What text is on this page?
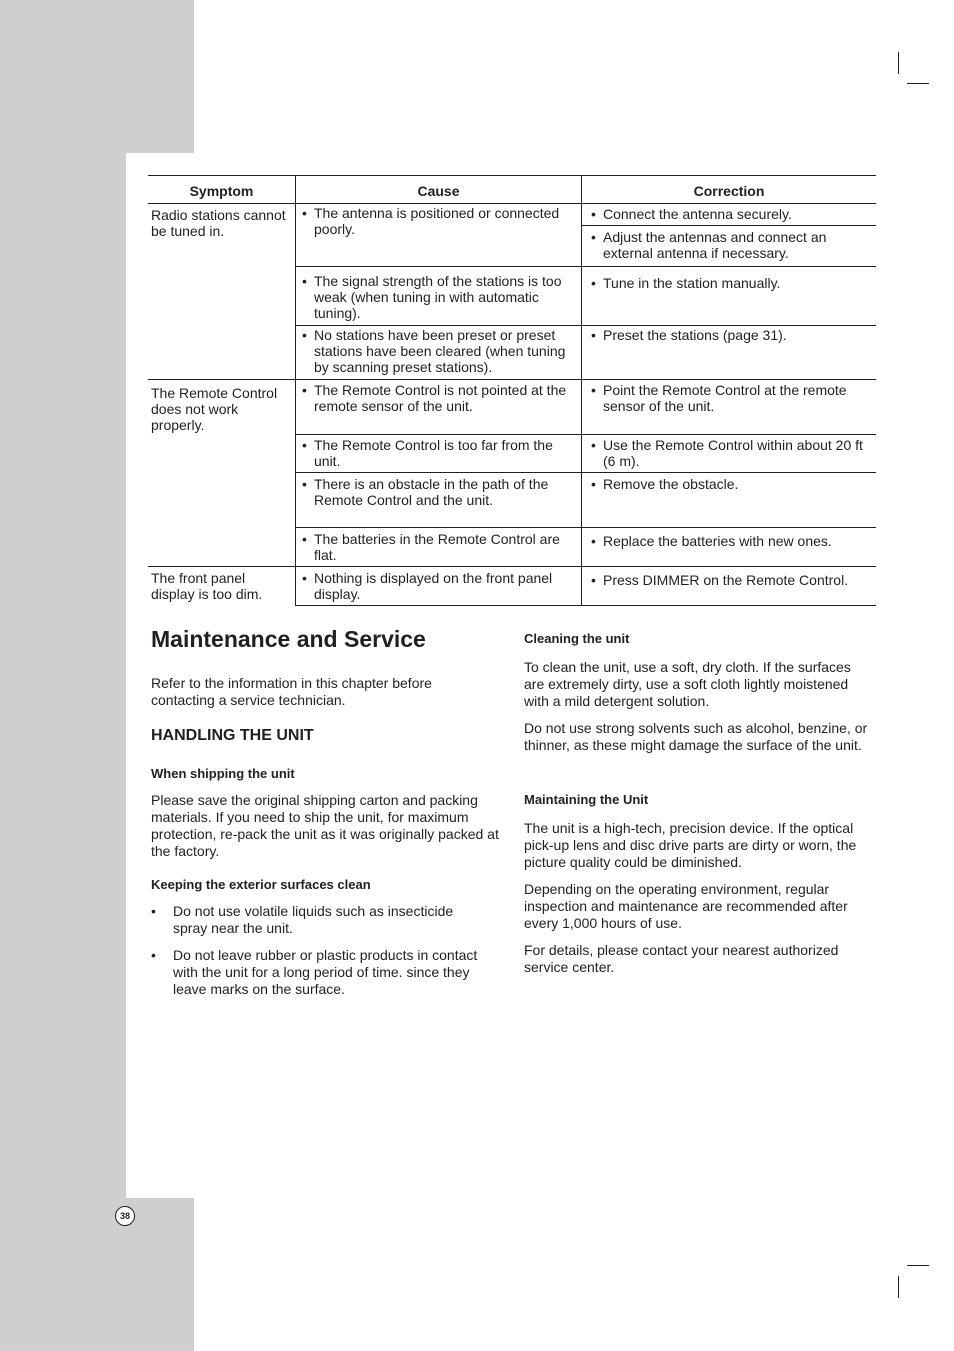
38
Symptom	Cause	Correction
Radio stations cannot be tuned in.
The Remote Control does not work properly.
The front panel display is too dim.
• The antenna is positioned or connected poorly.
• The signal strength of the stations is too weak (when tuning in with automatic tuning).
• No stations have been preset or preset stations have been cleared (when tuning by scanning preset stations).
• The Remote Control is not pointed at the remote sensor of the unit.
• The Remote Control is too far from the unit.
• There is an obstacle in the path of the Remote Control and the unit.
• The batteries in the Remote Control are flat.
• Nothing is displayed on the front panel display.
• Connect the antenna securely.
• Adjust the antennas and connect an external antenna if necessary.
• Tune in the station manually.
• Preset the stations (page 31).
• Point the Remote Control at the remote sensor of the unit.
• Use the Remote Control within about 20 ft (6 m).
• Remove the obstacle.
• Replace the batteries with new ones.
• Press DIMMER on the Remote Control.
Maintenance and Service

Refer to the information in this chapter before contacting a service technician.

HANDLING THE UNIT
When shipping the unit

Please save the original shipping carton and packing materials. If you need to ship the unit, for maximum protection, re-pack the unit as it was originally packed at the factory.

Keeping the exterior surfaces clean

• Do not use volatile liquids such as insecticide spray near the unit.

• Do not leave rubber or plastic products in contact with the unit for a long period of time. since they leave marks on the surface.

Cleaning the unit

To clean the unit, use a soft, dry cloth. If the surfaces are extremely dirty, use a soft cloth lightly moistened with a mild detergent solution.

Do not use strong solvents such as alcohol, benzine, or thinner, as these might damage the surface of the unit.

Maintaining the Unit

The unit is a high-tech, precision device. If the optical pick-up lens and disc drive parts are dirty or worn, the picture quality could be diminished.

Depending on the operating environment, regular inspection and maintenance are recommended after every 1,000 hours of use.

For details, please contact your nearest authorized service center.
